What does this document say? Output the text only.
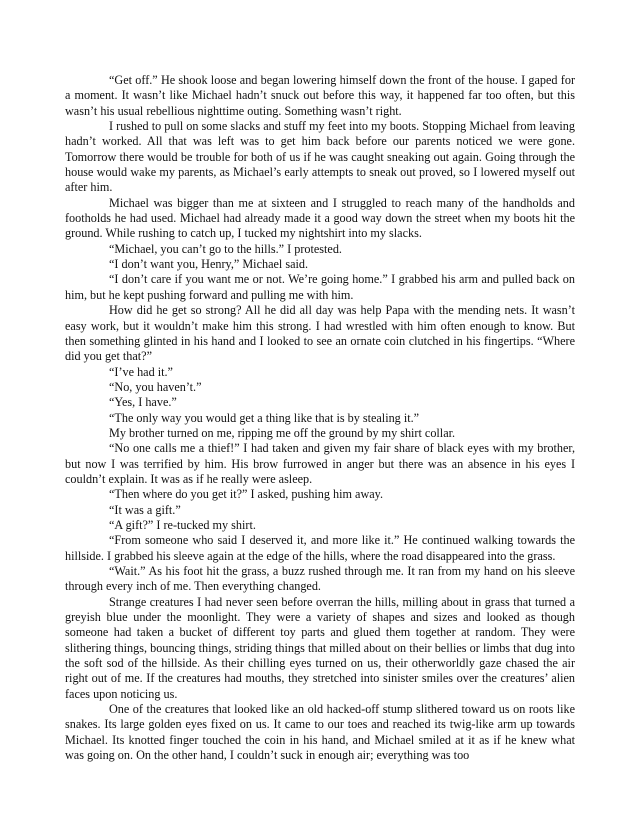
“Get off.” He shook loose and began lowering himself down the front of the house. I gaped for a moment. It wasn’t like Michael hadn’t snuck out before this way, it happened far too often, but this wasn’t his usual rebellious nighttime outing. Something wasn’t right.

I rushed to pull on some slacks and stuff my feet into my boots. Stopping Michael from leaving hadn’t worked. All that was left was to get him back before our parents noticed we were gone. Tomorrow there would be trouble for both of us if he was caught sneaking out again. Going through the house would wake my parents, as Michael’s early attempts to sneak out proved, so I lowered myself out after him.

Michael was bigger than me at sixteen and I struggled to reach many of the handholds and footholds he had used. Michael had already made it a good way down the street when my boots hit the ground. While rushing to catch up, I tucked my nightshirt into my slacks.

“Michael, you can’t go to the hills.” I protested.

“I don’t want you, Henry,” Michael said.

“I don’t care if you want me or not. We’re going home.” I grabbed his arm and pulled back on him, but he kept pushing forward and pulling me with him.

How did he get so strong? All he did all day was help Papa with the mending nets. It wasn’t easy work, but it wouldn’t make him this strong. I had wrestled with him often enough to know. But then something glinted in his hand and I looked to see an ornate coin clutched in his fingertips. “Where did you get that?”

“I’ve had it.”

“No, you haven’t.”

“Yes, I have.”

“The only way you would get a thing like that is by stealing it.”

My brother turned on me, ripping me off the ground by my shirt collar.

“No one calls me a thief!” I had taken and given my fair share of black eyes with my brother, but now I was terrified by him. His brow furrowed in anger but there was an absence in his eyes I couldn’t explain. It was as if he really were asleep.

“Then where do you get it?” I asked, pushing him away.

“It was a gift.”

“A gift?” I re-tucked my shirt.

“From someone who said I deserved it, and more like it.” He continued walking towards the hillside. I grabbed his sleeve again at the edge of the hills, where the road disappeared into the grass.

“Wait.” As his foot hit the grass, a buzz rushed through me. It ran from my hand on his sleeve through every inch of me. Then everything changed.

Strange creatures I had never seen before overran the hills, milling about in grass that turned a greyish blue under the moonlight. They were a variety of shapes and sizes and looked as though someone had taken a bucket of different toy parts and glued them together at random. They were slithering things, bouncing things, striding things that milled about on their bellies or limbs that dug into the soft sod of the hillside. As their chilling eyes turned on us, their otherworldly gaze chased the air right out of me. If the creatures had mouths, they stretched into sinister smiles over the creatures’ alien faces upon noticing us.

One of the creatures that looked like an old hacked-off stump slithered toward us on roots like snakes. Its large golden eyes fixed on us. It came to our toes and reached its twig-like arm up towards Michael. Its knotted finger touched the coin in his hand, and Michael smiled at it as if he knew what was going on. On the other hand, I couldn’t suck in enough air; everything was too
